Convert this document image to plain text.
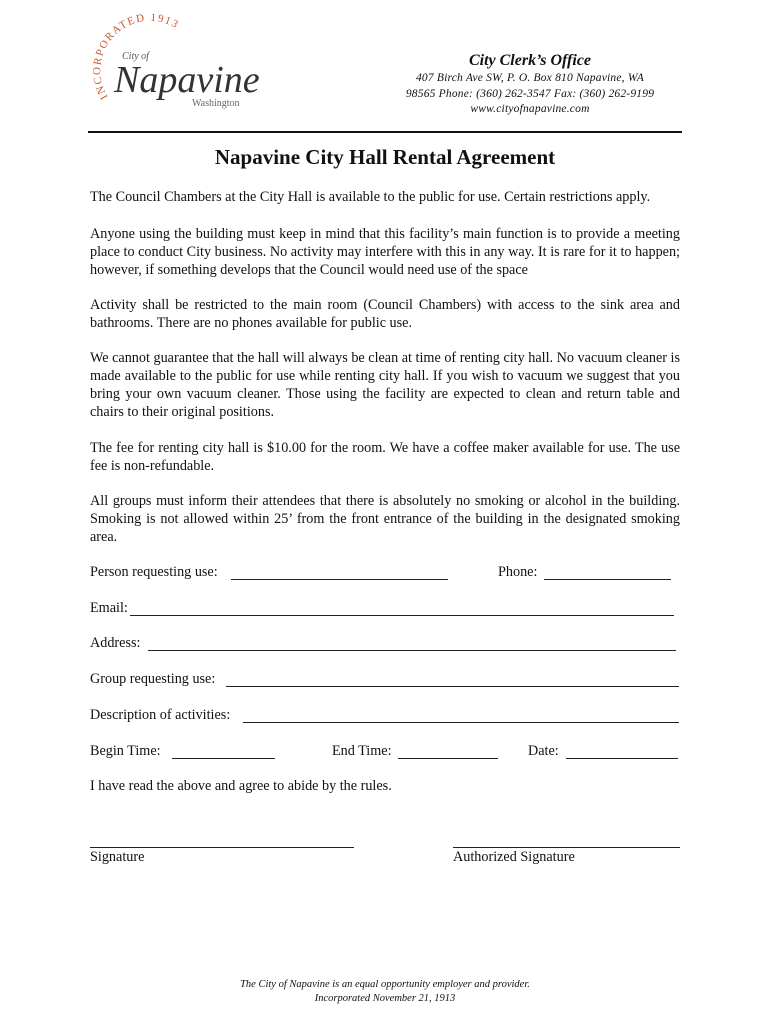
INCORPORATED 1913
City of
Napavine
Washington
City Clerk’s Office
407 Birch Ave SW, P. O. Box 810 Napavine, WA
98565 Phone: (360) 262-3547 Fax: (360) 262-9199
www.cityofnapavine.com
Napavine City Hall Rental Agreement
The Council Chambers at the City Hall is available to the public for use. Certain restrictions apply.
Anyone using the building must keep in mind that this facility’s main function is to provide a meeting place to conduct City business. No activity may interfere with this in any way. It is rare for it to happen; however, if something develops that the Council would need use of the space
Activity shall be restricted to the main room (Council Chambers) with access to the sink area and bathrooms. There are no phones available for public use.
We cannot guarantee that the hall will always be clean at time of renting city hall. No vacuum cleaner is made available to the public for use while renting city hall. If you wish to vacuum we suggest that you bring your own vacuum cleaner. Those using the facility are expected to clean and return table and chairs to their original positions.
The fee for renting city hall is $10.00 for the room. We have a coffee maker available for use. The use fee is non-refundable.
All groups must inform their attendees that there is absolutely no smoking or alcohol in the building. Smoking is not allowed within 25’ from the front entrance of the building in the designated smoking area.
Person requesting use:	Phone:
Email:
Address:
Group requesting use:
Description of activities:
Begin Time:	End Time:	Date:
I have read the above and agree to abide by the rules.
Signature	Authorized Signature
The City of Napavine is an equal opportunity employer and provider.
Incorporated November 21, 1913
